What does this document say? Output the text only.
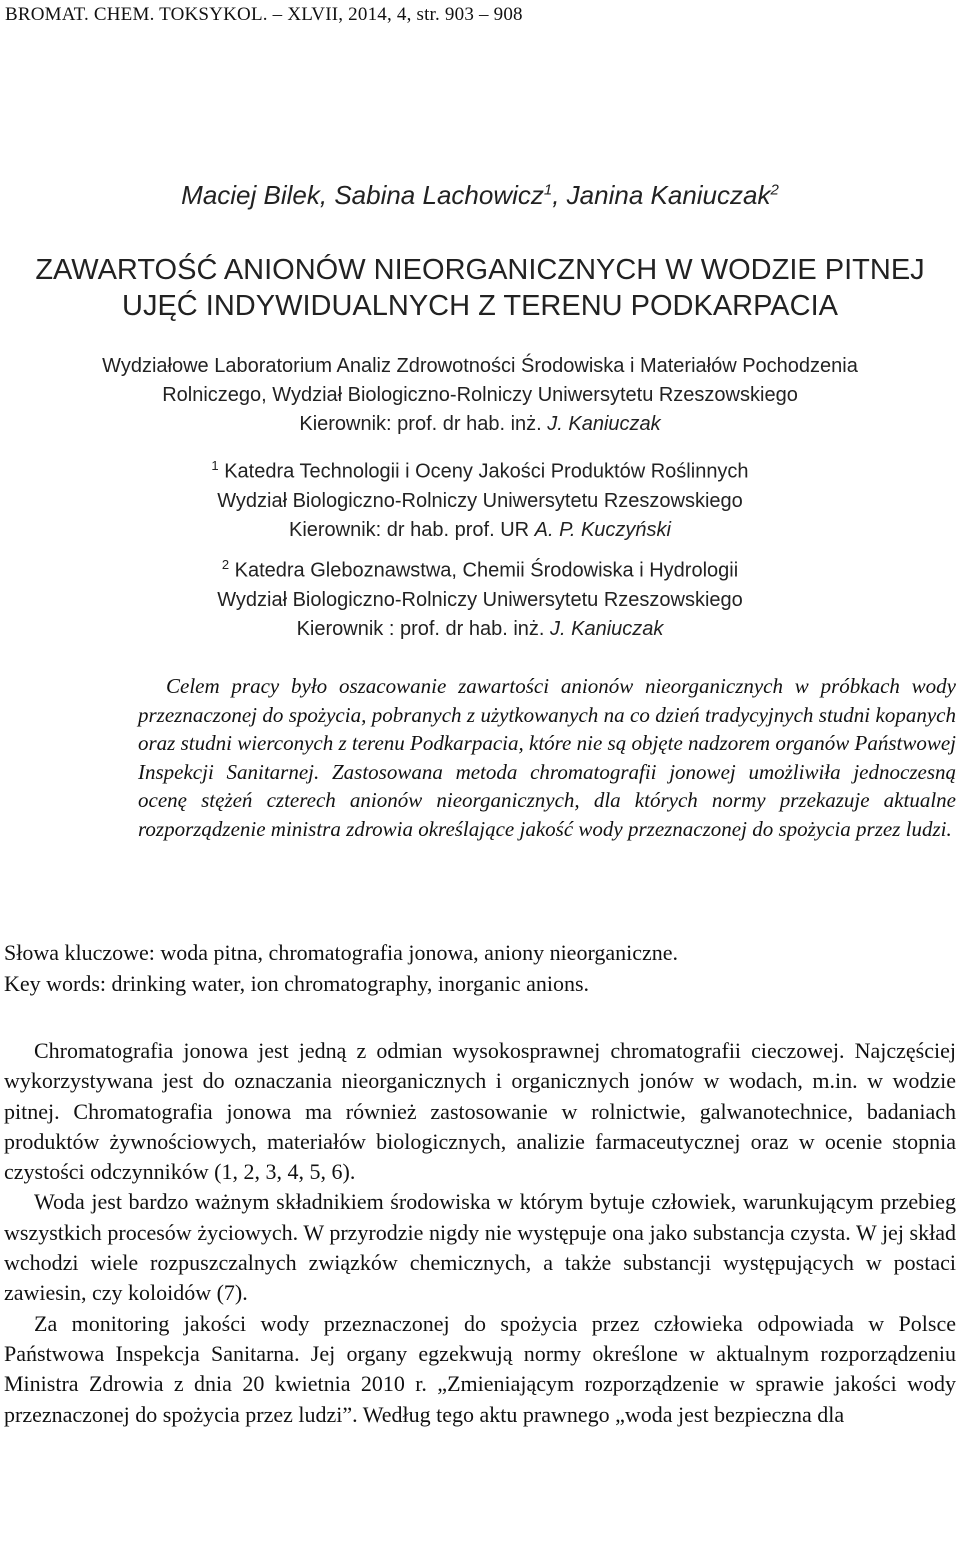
BROMAT. CHEM. TOKSYKOL. – XLVII, 2014, 4, str. 903 – 908
Maciej Bilek, Sabina Lachowicz$^1$, Janina Kaniuczak$^2$
ZAWARTOŚĆ ANIONÓW NIEORGANICZNYCH W WODZIE PITNEJ
UJĘĆ INDYWIDUALNYCH Z TERENU PODKARPACIA
Wydziałowe Laboratorium Analiz Zdrowotności Środowiska i Materiałów Pochodzenia
Rolniczego, Wydział Biologiczno-Rolniczy Uniwersytetu Rzeszowskiego
Kierownik: prof. dr hab. inż. J. Kaniuczak
$^1$ Katedra Technologii i Oceny Jakości Produktów Roślinnych
Wydział Biologiczno-Rolniczy Uniwersytetu Rzeszowskiego
Kierownik: dr hab. prof. UR A. P. Kuczyński
$^2$ Katedra Gleboznawstwa, Chemii Środowiska i Hydrologii
Wydział Biologiczno-Rolniczy Uniwersytetu Rzeszowskiego
Kierownik : prof. dr hab. inż. J. Kaniuczak

Celem pracy było oszacowanie zawartości anionów nieorganicznych w próbkach wody przeznaczonej do spożycia, pobranych z użytkowanych na co dzień tradycyjnych studni kopanych oraz studni wierconych z terenu Podkarpacia, które nie są objęte nadzorem organów Państwowej Inspekcji Sanitarnej. Zastosowana metoda chromatografii jonowej umożliwiła jednoczesną ocenę stężeń czterech anionów nieorganicznych, dla których normy przekazuje aktualne rozporządzenie ministra zdrowia określające jakość wody przeznaczonej do spożycia przez ludzi.

Słowa kluczowe: woda pitna, chromatografia jonowa, aniony nieorganiczne.
Key words: drinking water, ion chromatography, inorganic anions.

Chromatografia jonowa jest jedną z odmian wysokosprawnej chromatografii cieczowej. Najczęściej wykorzystywana jest do oznaczania nieorganicznych i organicznych jonów w wodach, m.in. w wodzie pitnej. Chromatografia jonowa ma również zastosowanie w rolnictwie, galwanotechnice, badaniach produktów żywnościowych, materiałów biologicznych, analizie farmaceutycznej oraz w ocenie stopnia czystości odczynników (1, 2, 3, 4, 5, 6).

Woda jest bardzo ważnym składnikiem środowiska w którym bytuje człowiek, warunkującym przebieg wszystkich procesów życiowych. W przyrodzie nigdy nie występuje ona jako substancja czysta. W jej skład wchodzi wiele rozpuszczalnych związków chemicznych, a także substancji występujących w postaci zawiesin, czy koloidów (7).

Za monitoring jakości wody przeznaczonej do spożycia przez człowieka odpowiada w Polsce Państwowa Inspekcja Sanitarna. Jej organy egzekwują normy określone w aktualnym rozporządzeniu Ministra Zdrowia z dnia 20 kwietnia 2010 r. „Zmieniającym rozporządzenie w sprawie jakości wody przeznaczonej do spożycia przez ludzi”. Według tego aktu prawnego „woda jest bezpieczna dla
